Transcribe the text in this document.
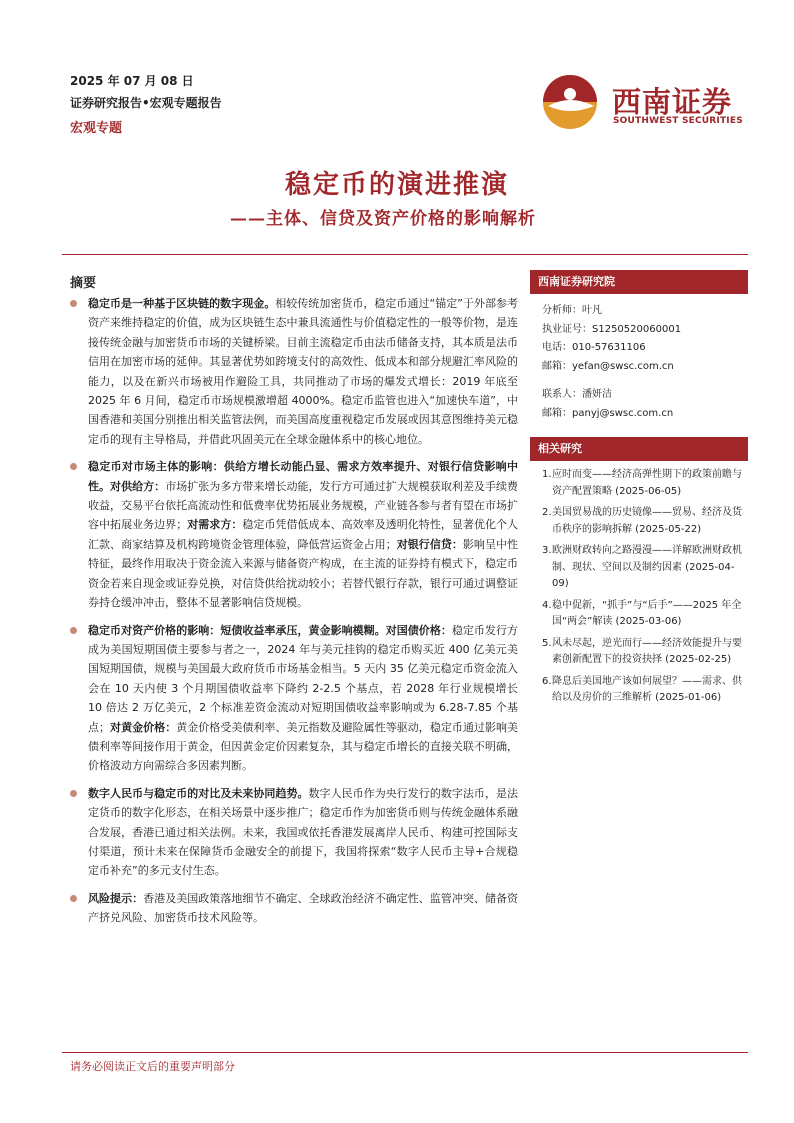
2025 年 07 月 08 日
证券研究报告•宏观专题报告
宏观专题
西南证券
SOUTHWEST SECURITIES
稳定币的演进推演
——主体、信贷及资产价格的影响解析
摘要
稳定币是一种基于区块链的数字现金。相较传统加密货币，稳定币通过“锚定”于外部参考资产来维持稳定的价值，成为区块链生态中兼具流通性与价值稳定性的一般等价物，是连接传统金融与加密货币市场的关键桥梁。目前主流稳定币由法币储备支持，其本质是法币信用在加密市场的延伸。其显著优势如跨境支付的高效性、低成本和部分规避汇率风险的能力，以及在新兴市场被用作避险工具，共同推动了市场的爆发式增长：2019 年底至 2025 年 6 月间，稳定币市场规模激增超 4000%。稳定币监管也进入“加速快车道”，中国香港和美国分别推出相关监管法例，而美国高度重视稳定币发展或因其意图维持美元稳定币的现有主导格局，并借此巩固美元在全球金融体系中的核心地位。
稳定币对市场主体的影响：供给方增长动能凸显、需求方效率提升、对银行信贷影响中性。对供给方：市场扩张为多方带来增长动能，发行方可通过扩大规模获取利差及手续费收益，交易平台依托高流动性和低费率优势拓展业务规模，产业链各参与者有望在市场扩容中拓展业务边界；对需求方：稳定币凭借低成本、高效率及透明化特性，显著优化个人汇款、商家结算及机构跨境资金管理体验，降低营运资金占用；对银行信贷：影响呈中性特征，最终作用取决于资金流入来源与储备资产构成，在主流的证券持有模式下，稳定币资金若来自现金或证券兑换，对信贷供给扰动较小；若替代银行存款，银行可通过调整证券持仓缓冲冲击，整体不显著影响信贷规模。
稳定币对资产价格的影响：短债收益率承压，黄金影响模糊。对国债价格：稳定币发行方成为美国短期国债主要参与者之一，2024 年与美元挂钩的稳定币购买近 400 亿美元美国短期国债，规模与美国最大政府货币市场基金相当。5 天内 35 亿美元稳定币资金流入会在 10 天内使 3 个月期国债收益率下降约 2-2.5 个基点，若 2028 年行业规模增长 10 倍达 2 万亿美元，2 个标准差资金流动对短期国债收益率影响或为 6.28-7.85 个基点；对黄金价格：黄金价格受美债利率、美元指数及避险属性等驱动，稳定币通过影响美债利率等间接作用于黄金，但因黄金定价因素复杂，其与稳定币增长的直接关联不明确，价格波动方向需综合多因素判断。
数字人民币与稳定币的对比及未来协同趋势。数字人民币作为央行发行的数字法币，是法定货币的数字化形态，在相关场景中逐步推广；稳定币作为加密货币则与传统金融体系融合发展，香港已通过相关法例。未来，我国或依托香港发展离岸人民币、构建可控国际支付渠道，预计未来在保障货币金融安全的前提下，我国将探索“数字人民币主导+合规稳定币补充”的多元支付生态。
风险提示：香港及美国政策落地细节不确定、全球政治经济不确定性、监管冲突、储备资产挤兑风险、加密货币技术风险等。
西南证券研究院
分析师：叶凡
执业证号：S1250520060001
电话：010-57631106
邮箱：yefan@swsc.com.cn
联系人：潘妍洁
邮箱：panyj@swsc.com.cn
相关研究
1. 应时而变——经济高弹性期下的政策前瞻与资产配置策略 (2025-06-05)
2. 美国贸易战的历史镜像——贸易、经济及货币秩序的影响拆解 (2025-05-22)
3. 欧洲财政转向之路漫漫——详解欧洲财政机制、现状、空间以及制约因素 (2025-04-09)
4. 稳中促新，“抓手”与“后手”——2025 年全国“两会”解读 (2025-03-06)
5. 风未尽起，逆光而行——经济效能提升与要素创新配置下的投资抉择 (2025-02-25)
6. 降息后美国地产该如何展望？——需求、供给以及房价的三维解析 (2025-01-06)
请务必阅读正文后的重要声明部分
